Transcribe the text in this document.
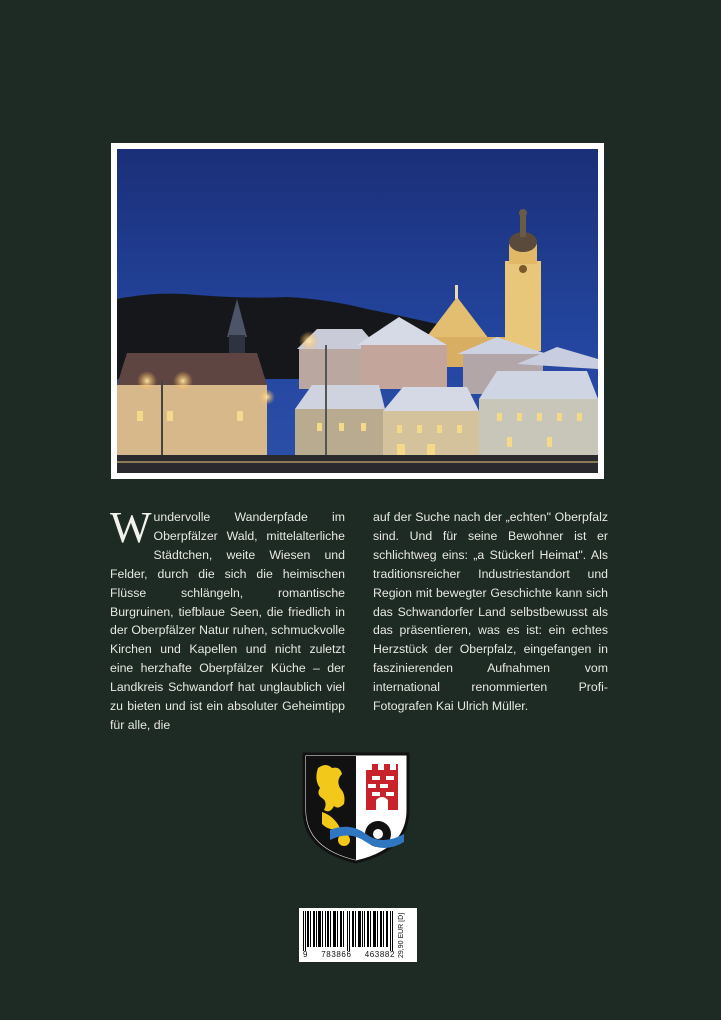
Wundervolle Wanderpfade im Oberpfälzer Wald, mittelalterliche Städtchen, weite Wiesen und Felder, durch die sich die heimischen Flüsse schlängeln, romantische Burgruinen, tiefblaue Seen, die friedlich in der Oberpfälzer Natur ruhen, schmuckvolle Kirchen und Kapellen und nicht zuletzt eine herzhafte Oberpfälzer Küche – der Landkreis Schwandorf hat unglaublich viel zu bieten und ist ein absoluter Geheimtipp für alle, die
auf der Suche nach der „echten" Oberpfalz sind. Und für seine Bewohner ist er schlichtweg eins: „a Stückerl Heimat". Als traditionsreicher Industriestandort und Region mit bewegter Geschichte kann sich das Schwandorfer Land selbstbewusst als das präsentieren, was es ist: ein echtes Herzstück der Oberpfalz, eingefangen in faszinierenden Aufnahmen vom international renommierten Profi-Fotografen Kai Ulrich Müller.
9 783866 463882 29,90 EUR [D]
